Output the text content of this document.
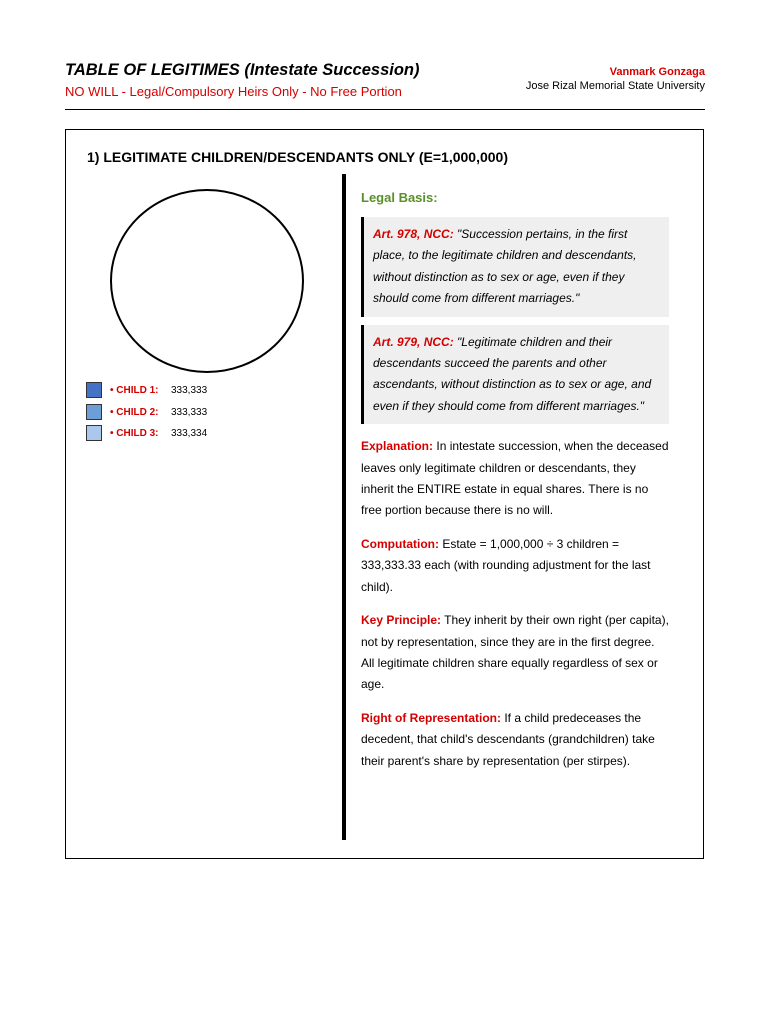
TABLE OF LEGITIMES (Intestate Succession)
NO WILL - Legal/Compulsory Heirs Only - No Free Portion
Vanmark Gonzaga
Jose Rizal Memorial State University
1) LEGITIMATE CHILDREN/DESCENDANTS ONLY (E=1,000,000)
• CHILD 1: 333,333
• CHILD 2: 333,333
• CHILD 3: 333,334
Legal Basis:
Art. 978, NCC: "Succession pertains, in the first place, to the legitimate children and descendants, without distinction as to sex or age, even if they should come from different marriages."
Art. 979, NCC: "Legitimate children and their descendants succeed the parents and other ascendants, without distinction as to sex or age, and even if they should come from different marriages."

Explanation: In intestate succession, when the deceased leaves only legitimate children or descendants, they inherit the ENTIRE estate in equal shares. There is no free portion because there is no will.

Computation: Estate = 1,000,000 ÷ 3 children = 333,333.33 each (with rounding adjustment for the last child).

Key Principle: They inherit by their own right (per capita), not by representation, since they are in the first degree. All legitimate children share equally regardless of sex or age.

Right of Representation: If a child predeceases the decedent, that child's descendants (grandchildren) take their parent's share by representation (per stirpes).
